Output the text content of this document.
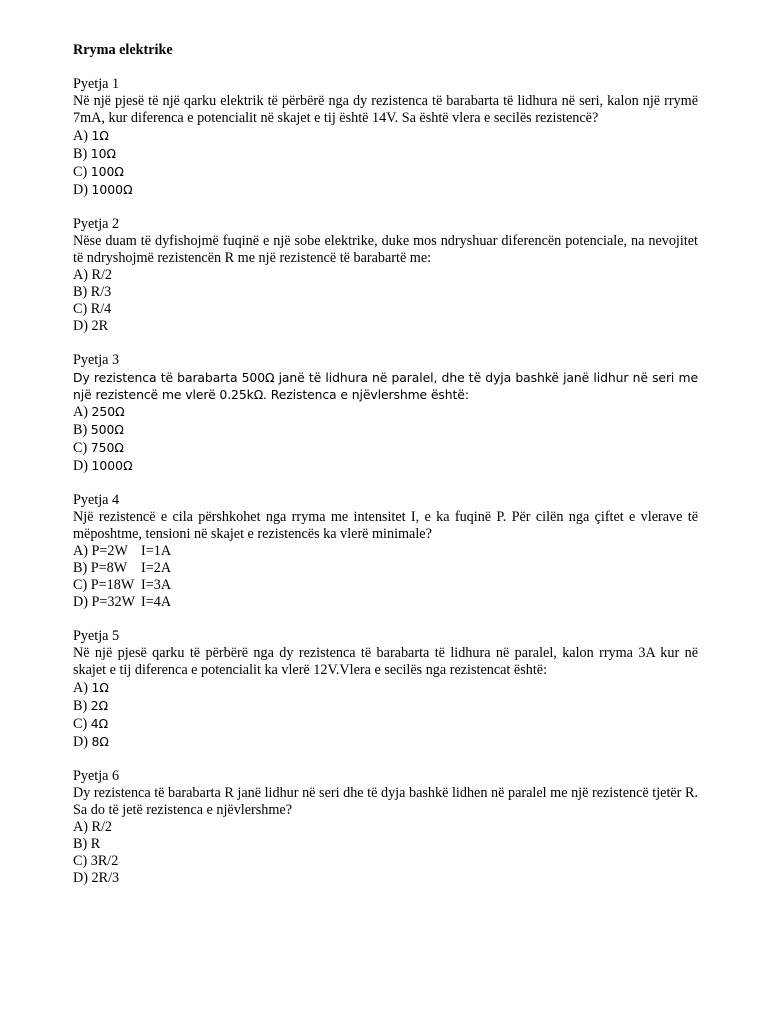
Rryma elektrike
Pyetja 1
Në një pjesë të një qarku elektrik të përbërë nga dy rezistenca të barabarta të lidhura në seri, kalon një rrymë 7mA, kur diferenca e potencialit në skajet e tij është 14V. Sa është vlera e secilës rezistencë?
A) 1Ω
B) 10Ω
C) 100Ω
D) 1000Ω
Pyetja 2
Nëse duam të dyfishojmë fuqinë e një sobe elektrike, duke mos ndryshuar diferencën potenciale, na nevojitet të ndryshojmë rezistencën R me një rezistencë të barabartë me:
A) R/2
B) R/3
C) R/4
D) 2R
Pyetja 3
Dy rezistenca të barabarta 500Ω janë të lidhura në paralel, dhe të dyja bashkë janë lidhur në seri me një rezistencë me vlerë 0.25kΩ. Rezistenca e njëvlershme është:
A) 250Ω
B) 500Ω
C) 750Ω
D) 1000Ω
Pyetja 4
Një rezistencë e cila përshkohet nga rryma me intensitet I, e ka fuqinë P. Për cilën nga çiftet e vlerave të mëposhtme, tensioni në skajet e rezistencës ka vlerë minimale?
A) P=2W I=1A
B) P=8W I=2A
C) P=18W I=3A
D) P=32W I=4A
Pyetja 5
Në një pjesë qarku të përbërë nga dy rezistenca të barabarta të lidhura në paralel, kalon rryma 3A kur në skajet e tij diferenca e potencialit ka vlerë 12V.Vlera e secilës nga rezistencat është:
A) 1Ω
B) 2Ω
C) 4Ω
D) 8Ω
Pyetja 6
Dy rezistenca të barabarta R janë lidhur në seri dhe të dyja bashkë lidhen në paralel me një rezistencë tjetër R. Sa do të jetë rezistenca e njëvlershme?
A) R/2
B) R
C) 3R/2
D) 2R/3
